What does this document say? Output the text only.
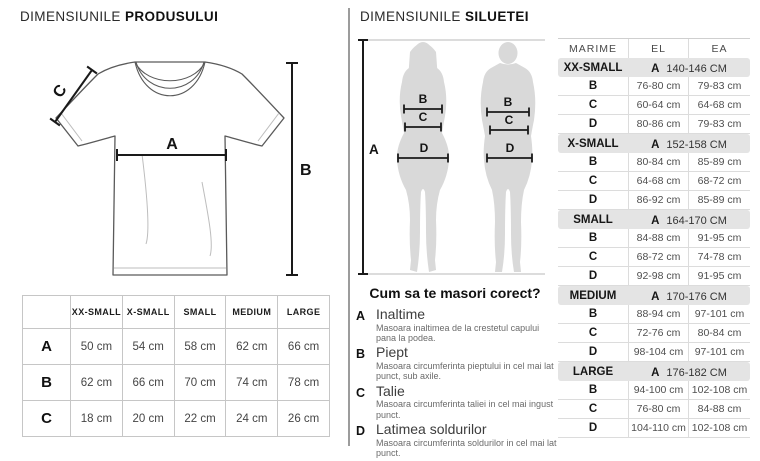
DIMENSIUNILE PRODUSULUI
A
B
C
	XX-SMALL	X-SMALL	SMALL	MEDIUM	LARGE
A	50 cm	54 cm	58 cm	62 cm	66 cm
B	62 cm	66 cm	70 cm	74 cm	78 cm
C	18 cm	20 cm	22 cm	24 cm	26 cm
DIMENSIUNILE SILUETEI
A
B
C
D
B
C
D
Cum sa te masori corect?
A Inaltime
Masoara inaltimea de la crestetul capului pana la podea.
B Piept
Masoara circumferinta pieptului in cel mai lat punct, sub axile.
C Talie
Masoara circumferinta taliei in cel mai ingust punct.
D Latimea soldurilor
Masoara circumferinta soldurilor in cel mai lat punct.
MARIME	EL	EA
XX-SMALL	A 140-146 CM	
B	76-80 cm	79-83 cm
C	60-64 cm	64-68 cm
D	80-86 cm	79-83 cm
X-SMALL	A 152-158 CM	
B	80-84 cm	85-89 cm
C	64-68 cm	68-72 cm
D	86-92 cm	85-89 cm
SMALL	A 164-170 CM	
B	84-88 cm	91-95 cm
C	68-72 cm	74-78 cm
D	92-98 cm	91-95 cm
MEDIUM	A 170-176 CM	
B	88-94 cm	97-101 cm
C	72-76 cm	80-84 cm
D	98-104 cm	97-101 cm
LARGE	A 176-182 CM	
B	94-100 cm	102-108 cm
C	76-80 cm	84-88 cm
D	104-110 cm	102-108 cm
